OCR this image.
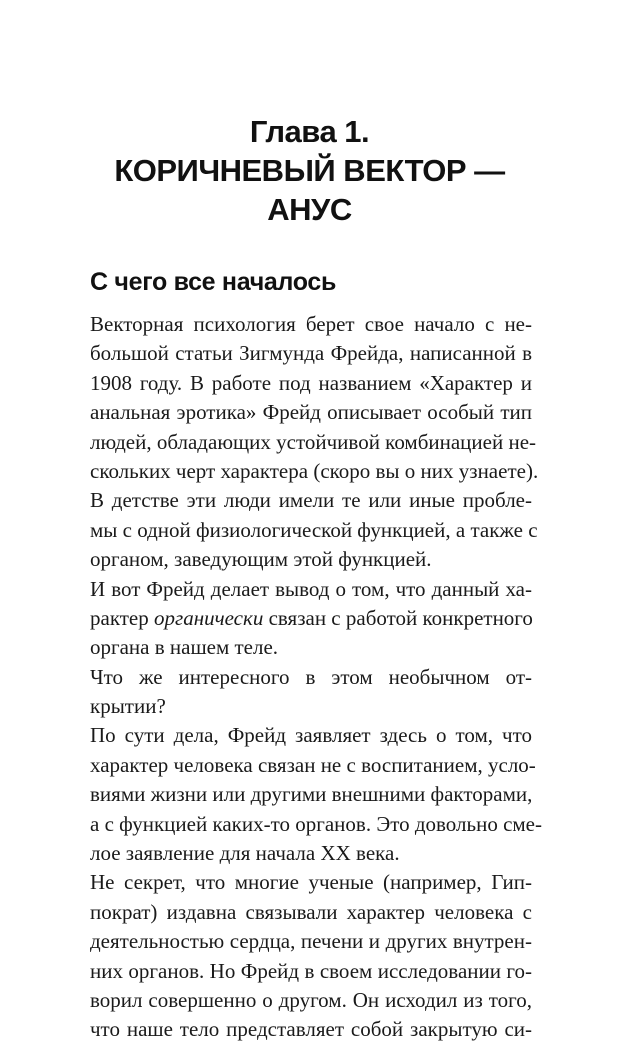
Глава 1.
КОРИЧНЕВЫЙ ВЕКТОР —
АНУС
С чего все началось
Векторная психология берет свое начало с не-
большой статьи Зигмунда Фрейда, написанной в
1908 году. В работе под названием «Характер и
анальная эротика» Фрейд описывает особый тип
людей, обладающих устойчивой комбинацией не-
скольких черт характера (скоро вы о них узнаете).
В детстве эти люди имели те или иные пробле-
мы с одной физиологической функцией, а также с
органом, заведующим этой функцией.
И вот Фрейд делает вывод о том, что данный ха-
рактер органически связан с работой конкретного
органа в нашем теле.
Что же интересного в этом необычном от-
крытии?
По сути дела, Фрейд заявляет здесь о том, что
характер человека связан не с воспитанием, усло-
виями жизни или другими внешними факторами,
а с функцией каких-то органов. Это довольно сме-
лое заявление для начала XX века.
Не секрет, что многие ученые (например, Гип-
пократ) издавна связывали характер человека с
деятельностью сердца, печени и других внутрен-
них органов. Но Фрейд в своем исследовании го-
ворил совершенно о другом. Он исходил из того,
что наше тело представляет собой закрытую си-
